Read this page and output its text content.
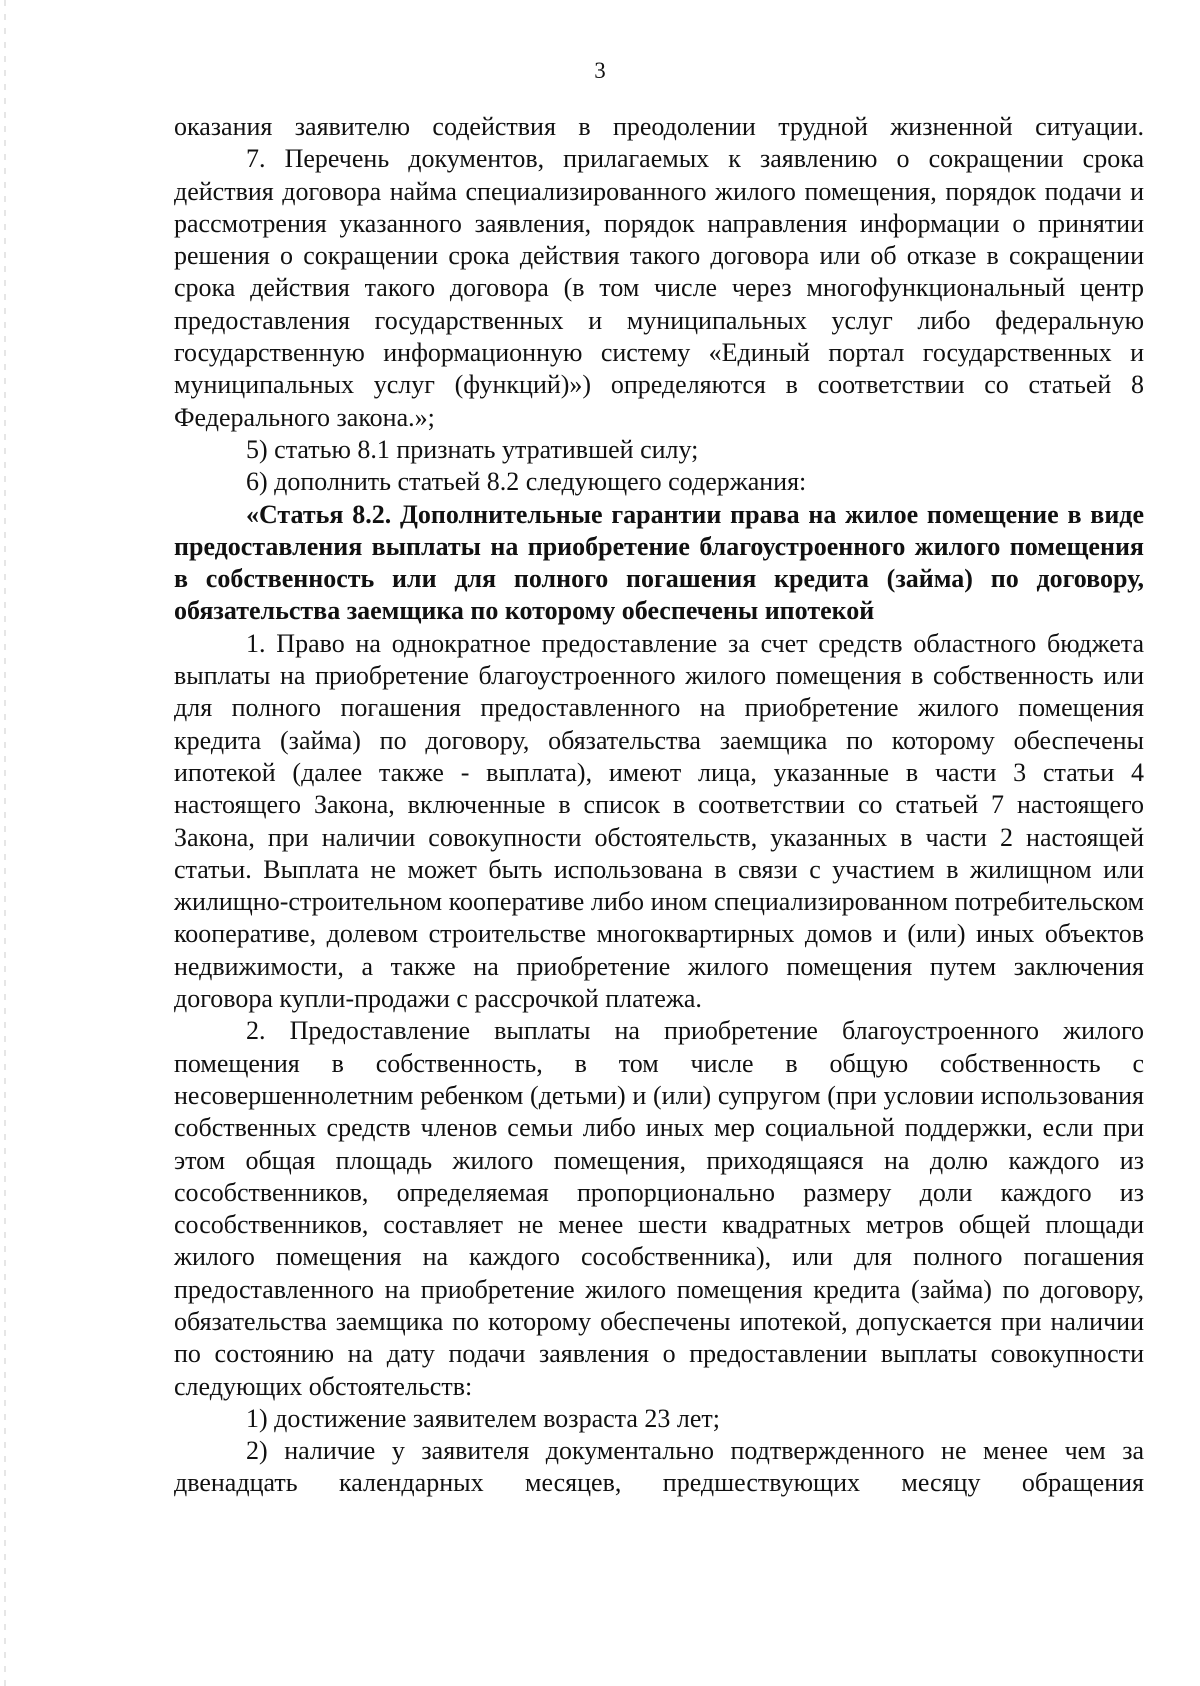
3

оказания заявителю содействия в преодолении трудной жизненной ситуации.

7. Перечень документов, прилагаемых к заявлению о сокращении срока действия договора найма специализированного жилого помещения, порядок подачи и рассмотрения указанного заявления, порядок направления информации о принятии решения о сокращении срока действия такого договора или об отказе в сокращении срока действия такого договора (в том числе через многофункциональный центр предоставления государственных и муниципальных услуг либо федеральную государственную информационную систему «Единый портал государственных и муниципальных услуг (функций)») определяются в соответствии со статьей 8 Федерального закона.»;

5) статью 8.1 признать утратившей силу;

6) дополнить статьей 8.2 следующего содержания:

«Статья 8.2. Дополнительные гарантии права на жилое помещение в виде предоставления выплаты на приобретение благоустроенного жилого помещения в собственность или для полного погашения кредита (займа) по договору, обязательства заемщика по которому обеспечены ипотекой

1. Право на однократное предоставление за счет средств областного бюджета выплаты на приобретение благоустроенного жилого помещения в собственность или для полного погашения предоставленного на приобретение жилого помещения кредита (займа) по договору, обязательства заемщика по которому обеспечены ипотекой (далее также - выплата), имеют лица, указанные в части 3 статьи 4 настоящего Закона, включенные в список в соответствии со статьей 7 настоящего Закона, при наличии совокупности обстоятельств, указанных в части 2 настоящей статьи. Выплата не может быть использована в связи с участием в жилищном или жилищно-строительном кооперативе либо ином специализированном потребительском кооперативе, долевом строительстве многоквартирных домов и (или) иных объектов недвижимости, а также на приобретение жилого помещения путем заключения договора купли-продажи с рассрочкой платежа.

2. Предоставление выплаты на приобретение благоустроенного жилого помещения в собственность, в том числе в общую собственность с несовершеннолетним ребенком (детьми) и (или) супругом (при условии использования собственных средств членов семьи либо иных мер социальной поддержки, если при этом общая площадь жилого помещения, приходящаяся на долю каждого из сособственников, определяемая пропорционально размеру доли каждого из сособственников, составляет не менее шести квадратных метров общей площади жилого помещения на каждого сособственника), или для полного погашения предоставленного на приобретение жилого помещения кредита (займа) по договору, обязательства заемщика по которому обеспечены ипотекой, допускается при наличии по состоянию на дату подачи заявления о предоставлении выплаты совокупности следующих обстоятельств:

1) достижение заявителем возраста 23 лет;

2) наличие у заявителя документально подтвержденного не менее чем за двенадцать календарных месяцев, предшествующих месяцу обращения
